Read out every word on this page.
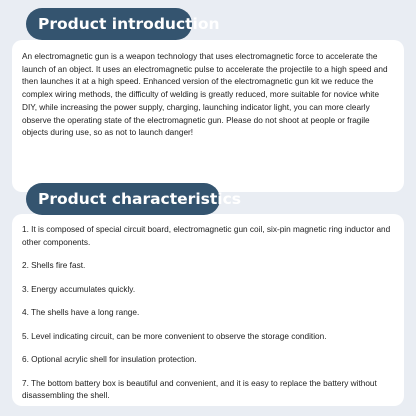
An electromagnetic gun is a weapon technology that uses electromagnetic force to accelerate the launch of an object. It uses an electromagnetic pulse to accelerate the projectile to a high speed and then launches it at a high speed. Enhanced version of the electromagnetic gun kit we reduce the complex wiring methods, the difficulty of welding is greatly reduced, more suitable for novice white DIY, while increasing the power supply, charging, launching indicator light, you can more clearly observe the operating state of the electromagnetic gun. Please do not shoot at people or fragile objects during use, so as not to launch danger!

Product introduction
1. It is composed of special circuit board, electromagnetic gun coil, six-pin magnetic ring inductor and other components.
2. Shells fire fast.
3. Energy accumulates quickly.
4. The shells have a long range.
5. Level indicating circuit, can be more convenient to observe the storage condition.
6. Optional acrylic shell for insulation protection.
7. The bottom battery box is beautiful and convenient, and it is easy to replace the battery without disassembling the shell.
Product characteristics
